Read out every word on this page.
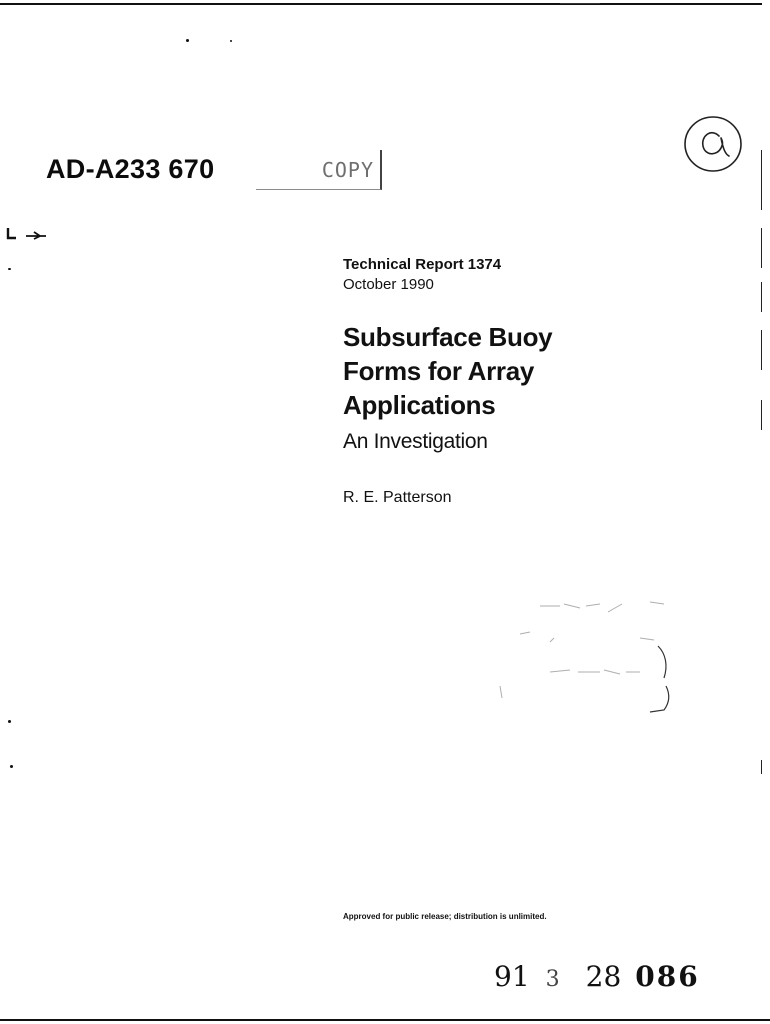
AD-A233 670	COPY
Technical Report 1374
October 1990
Subsurface Buoy
Forms for Array
Applications
An Investigation
R. E. Patterson
Approved for public release; distribution is unlimited.
91 3 28 086
